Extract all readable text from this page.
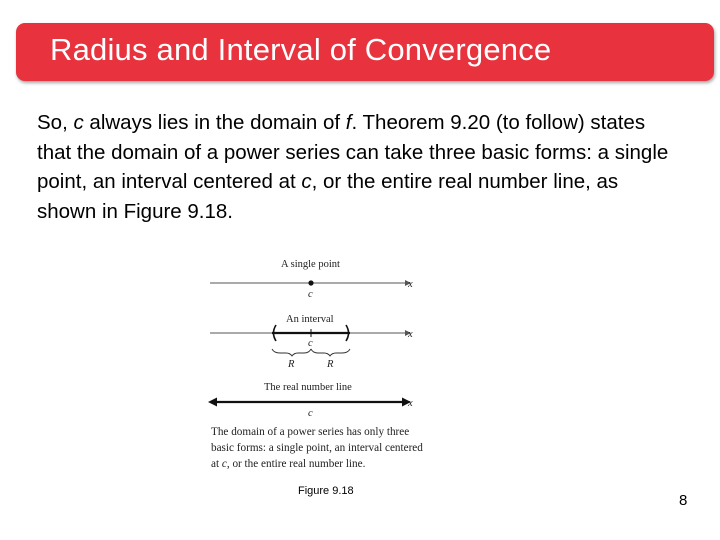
Radius and Interval of Convergence
So, c always lies in the domain of f. Theorem 9.20 (to follow) states that the domain of a power series can take three basic forms: a single point, an interval centered at c, or the entire real number line, as shown in Figure 9.18.
A single point
c
x
An interval
c
x
R	R
The real number line
c
x
The domain of a power series has only three
basic forms: a single point, an interval centered
at c, or the entire real number line.
Figure 9.18
8
